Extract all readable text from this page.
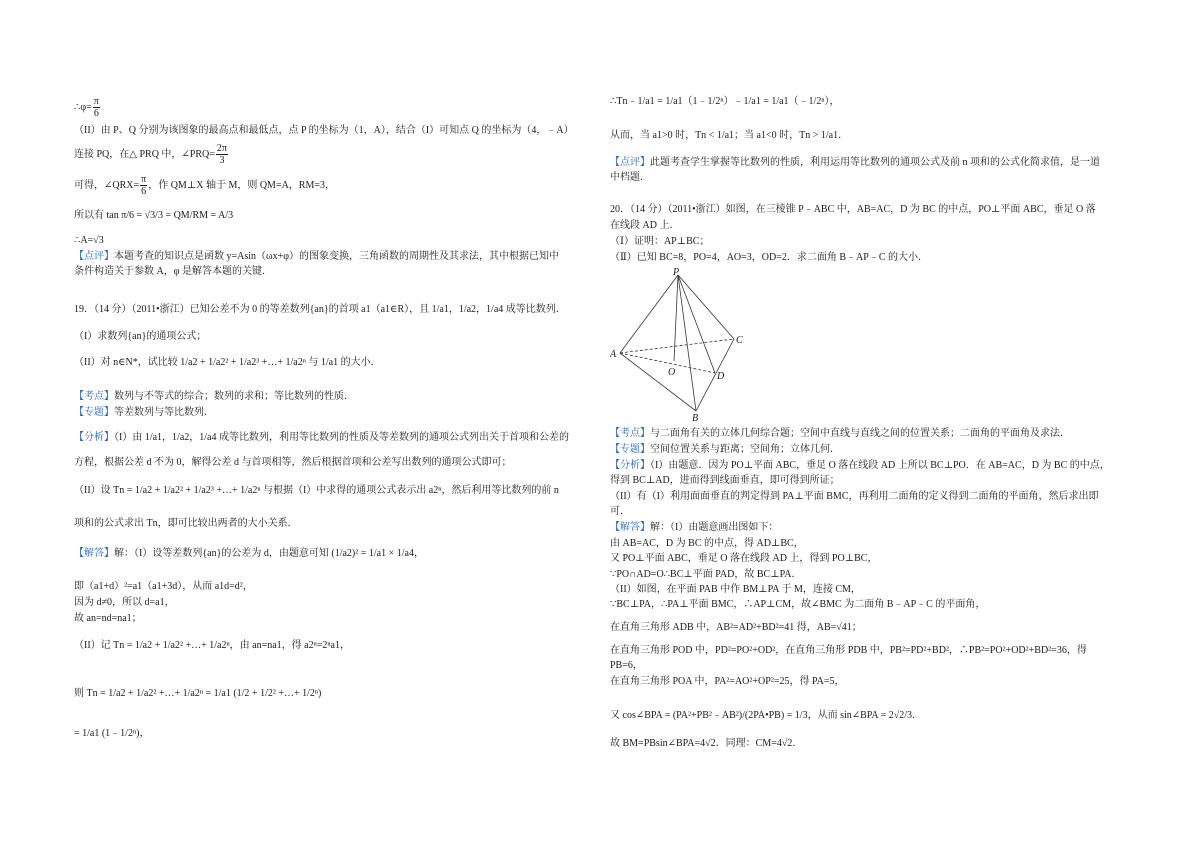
∴φ= $\frac{\pi}{6}$
（II）由 P、Q 分别为该图象的最高点和最低点，点 P 的坐标为（1，A），结合（I）可知点 Q 的坐标为（4，﹣A）
连接 PQ，在△ PRQ 中，∠PRQ= $\frac{2\pi}{3}$
可得，∠QRX= $\frac{\pi}{6}$ ，作 QM⊥X 轴于 M，则 QM=A，RM=3，
所以有 tan π/6 = √3/3 = QM/RM = A/3
∴A=√3
【点评】本题考查的知识点是函数 y=Asin（ωx+φ）的图象变换，三角函数的周期性及其求法，其中根据已知中
条件构造关于参数 A，φ 是解答本题的关键．
19．（14 分）（2011•浙江）已知公差不为 0 的等差数列{an}的首项 a1（a1∈R），且 1/a1，1/a2，1/a4 成等比数列．
（I）求数列{an}的通项公式；
（II）对 n∈N*，试比较 1/a2 + 1/a2² + 1/a2³ +…+ 1/a2ⁿ 与 1/a1 的大小．
【考点】数列与不等式的综合；数列的求和；等比数列的性质．
【专题】等差数列与等比数列．
【分析】（I）由 1/a1，1/a2，1/a4 成等比数列，利用等比数列的性质及等差数列的通项公式列出关于首项和公差的
方程，根据公差 d 不为 0，解得公差 d 与首项相等，然后根据首项和公差写出数列的通项公式即可；
（II）设 Tn = 1/a2 + 1/a2² + 1/a2³ +…+ 1/a2ⁿ 与根据（I）中求得的通项公式表示出 a2ⁿ，然后利用等比数列的前 n
项和的公式求出 Tn，即可比较出两者的大小关系．
【解答】解：（I）设等差数列{an}的公差为 d，由题意可知 (1/a2)² = 1/a1 × 1/a4，
即（a1+d）²=a1（a1+3d），从而 a1d=d²，
因为 d≠0，所以 d=a1，
故 an=nd=na1；
（II）记 Tn = 1/a2 + 1/a2² +…+ 1/a2ⁿ，由 an=na1，得 a2ⁿ=2ⁿa1，
则 Tn = 1/a2 + 1/a2² +…+ 1/a2ⁿ = 1/a1 (1/2 + 1/2² +…+ 1/2ⁿ)
= 1/a1 (1﹣1/2ⁿ)，
∴Tn﹣1/a1 = 1/a1（1﹣1/2ⁿ）﹣1/a1 = 1/a1（﹣1/2ⁿ），
从而，当 a1>0 时，Tn < 1/a1；当 a1<0 时，Tn > 1/a1．
【点评】此题考查学生掌握等比数列的性质，利用运用等比数列的通项公式及前 n 项和的公式化简求值，是一道
中档题．
20．（14 分）（2011•浙江）如图，在三棱锥 P﹣ABC 中，AB=AC，D 为 BC 的中点，PO⊥平面 ABC，垂足 O 落
在线段 AD 上．
（Ⅰ）证明：AP⊥BC；
（Ⅱ）已知 BC=8，PO=4，AO=3，OD=2．求二面角 B﹣AP﹣C 的大小．
P
A
C
O	D
B
【考点】与二面角有关的立体几何综合题；空间中直线与直线之间的位置关系；二面角的平面角及求法．
【专题】空间位置关系与距离；空间角；立体几何．
【分析】（I）由题意．因为 PO⊥平面 ABC，垂足 O 落在线段 AD 上所以 BC⊥PO．在 AB=AC，D 为 BC 的中点，
得到 BC⊥AD，进而得到线面垂直，即可得到所证；
（II）有（I）利用面面垂直的判定得到 PA⊥平面 BMC，再利用二面角的定义得到二面角的平面角，然后求出即
可．
【解答】解：（I）由题意画出图如下：
由 AB=AC，D 为 BC 的中点，得 AD⊥BC，
又 PO⊥平面 ABC，垂足 O 落在线段 AD 上，得到 PO⊥BC，
∵PO∩AD=O∴BC⊥平面 PAD，故 BC⊥PA．
（II）如图，在平面 PAB 中作 BM⊥PA 于 M，连接 CM，
∵BC⊥PA，∴PA⊥平面 BMC，∴AP⊥CM，故∠BMC 为二面角 B﹣AP﹣C 的平面角，
在直角三角形 ADB 中，AB²=AD²+BD²=41 得，AB=√41；
在直角三角形 POD 中，PD²=PO²+OD²，在直角三角形 PDB 中，PB²=PD²+BD²，∴PB²=PO²+OD²+BD²=36，得
PB=6，
在直角三角形 POA 中，PA²=AO²+OP²=25，得 PA=5，
又 cos∠BPA = (PA²+PB²﹣AB²)/(2PA•PB) = 1/3，从而 sin∠BPA = 2√2/3．
故 BM=PBsin∠BPA=4√2．同理：CM=4√2．
